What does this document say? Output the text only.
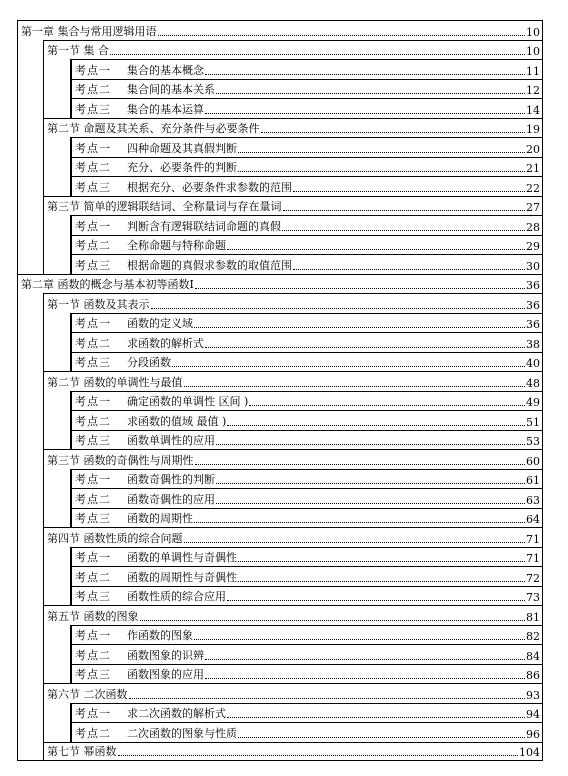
第一章 集合与常用逻辑用语	10
第一节 集 合	10
考点一	集合的基本概念	11
考点二	集合间的基本关系	12
考点三	集合的基本运算	14
第二节 命题及其关系、充分条件与必要条件	19
考点一	四种命题及其真假判断	20
考点二	充分、必要条件的判断	21
考点三	根据充分、必要条件求参数的范围	22
第三节 简单的逻辑联结词、全称量词与存在量词	27
考点一	判断含有逻辑联结词命题的真假	28
考点二	全称命题与特称命题	29
考点三	根据命题的真假求参数的取值范围	30
第二章 函数的概念与基本初等函数Ⅰ	36
第一节 函数及其表示	36
考点一	函数的定义域	36
考点二	求函数的解析式	38
考点三	分段函数	40
第二节 函数的单调性与最值	48
考点一	确定函数的单调性 区间 )	49
考点二	求函数的值域 最值 )	51
考点三	函数单调性的应用	53
第三节 函数的奇偶性与周期性	60
考点一	函数奇偶性的判断	61
考点二	函数奇偶性的应用	63
考点三	函数的周期性	64
第四节 函数性质的综合问题	71
考点一	函数的单调性与奇偶性	71
考点二	函数的周期性与奇偶性	72
考点三	函数性质的综合应用	73
第五节 函数的图象	81
考点一	作函数的图象	82
考点二	函数图象的识辨	84
考点三	函数图象的应用	86
第六节 二次函数	93
考点一	求二次函数的解析式	94
考点二	二次函数的图象与性质	96
第七节 幂函数	104
